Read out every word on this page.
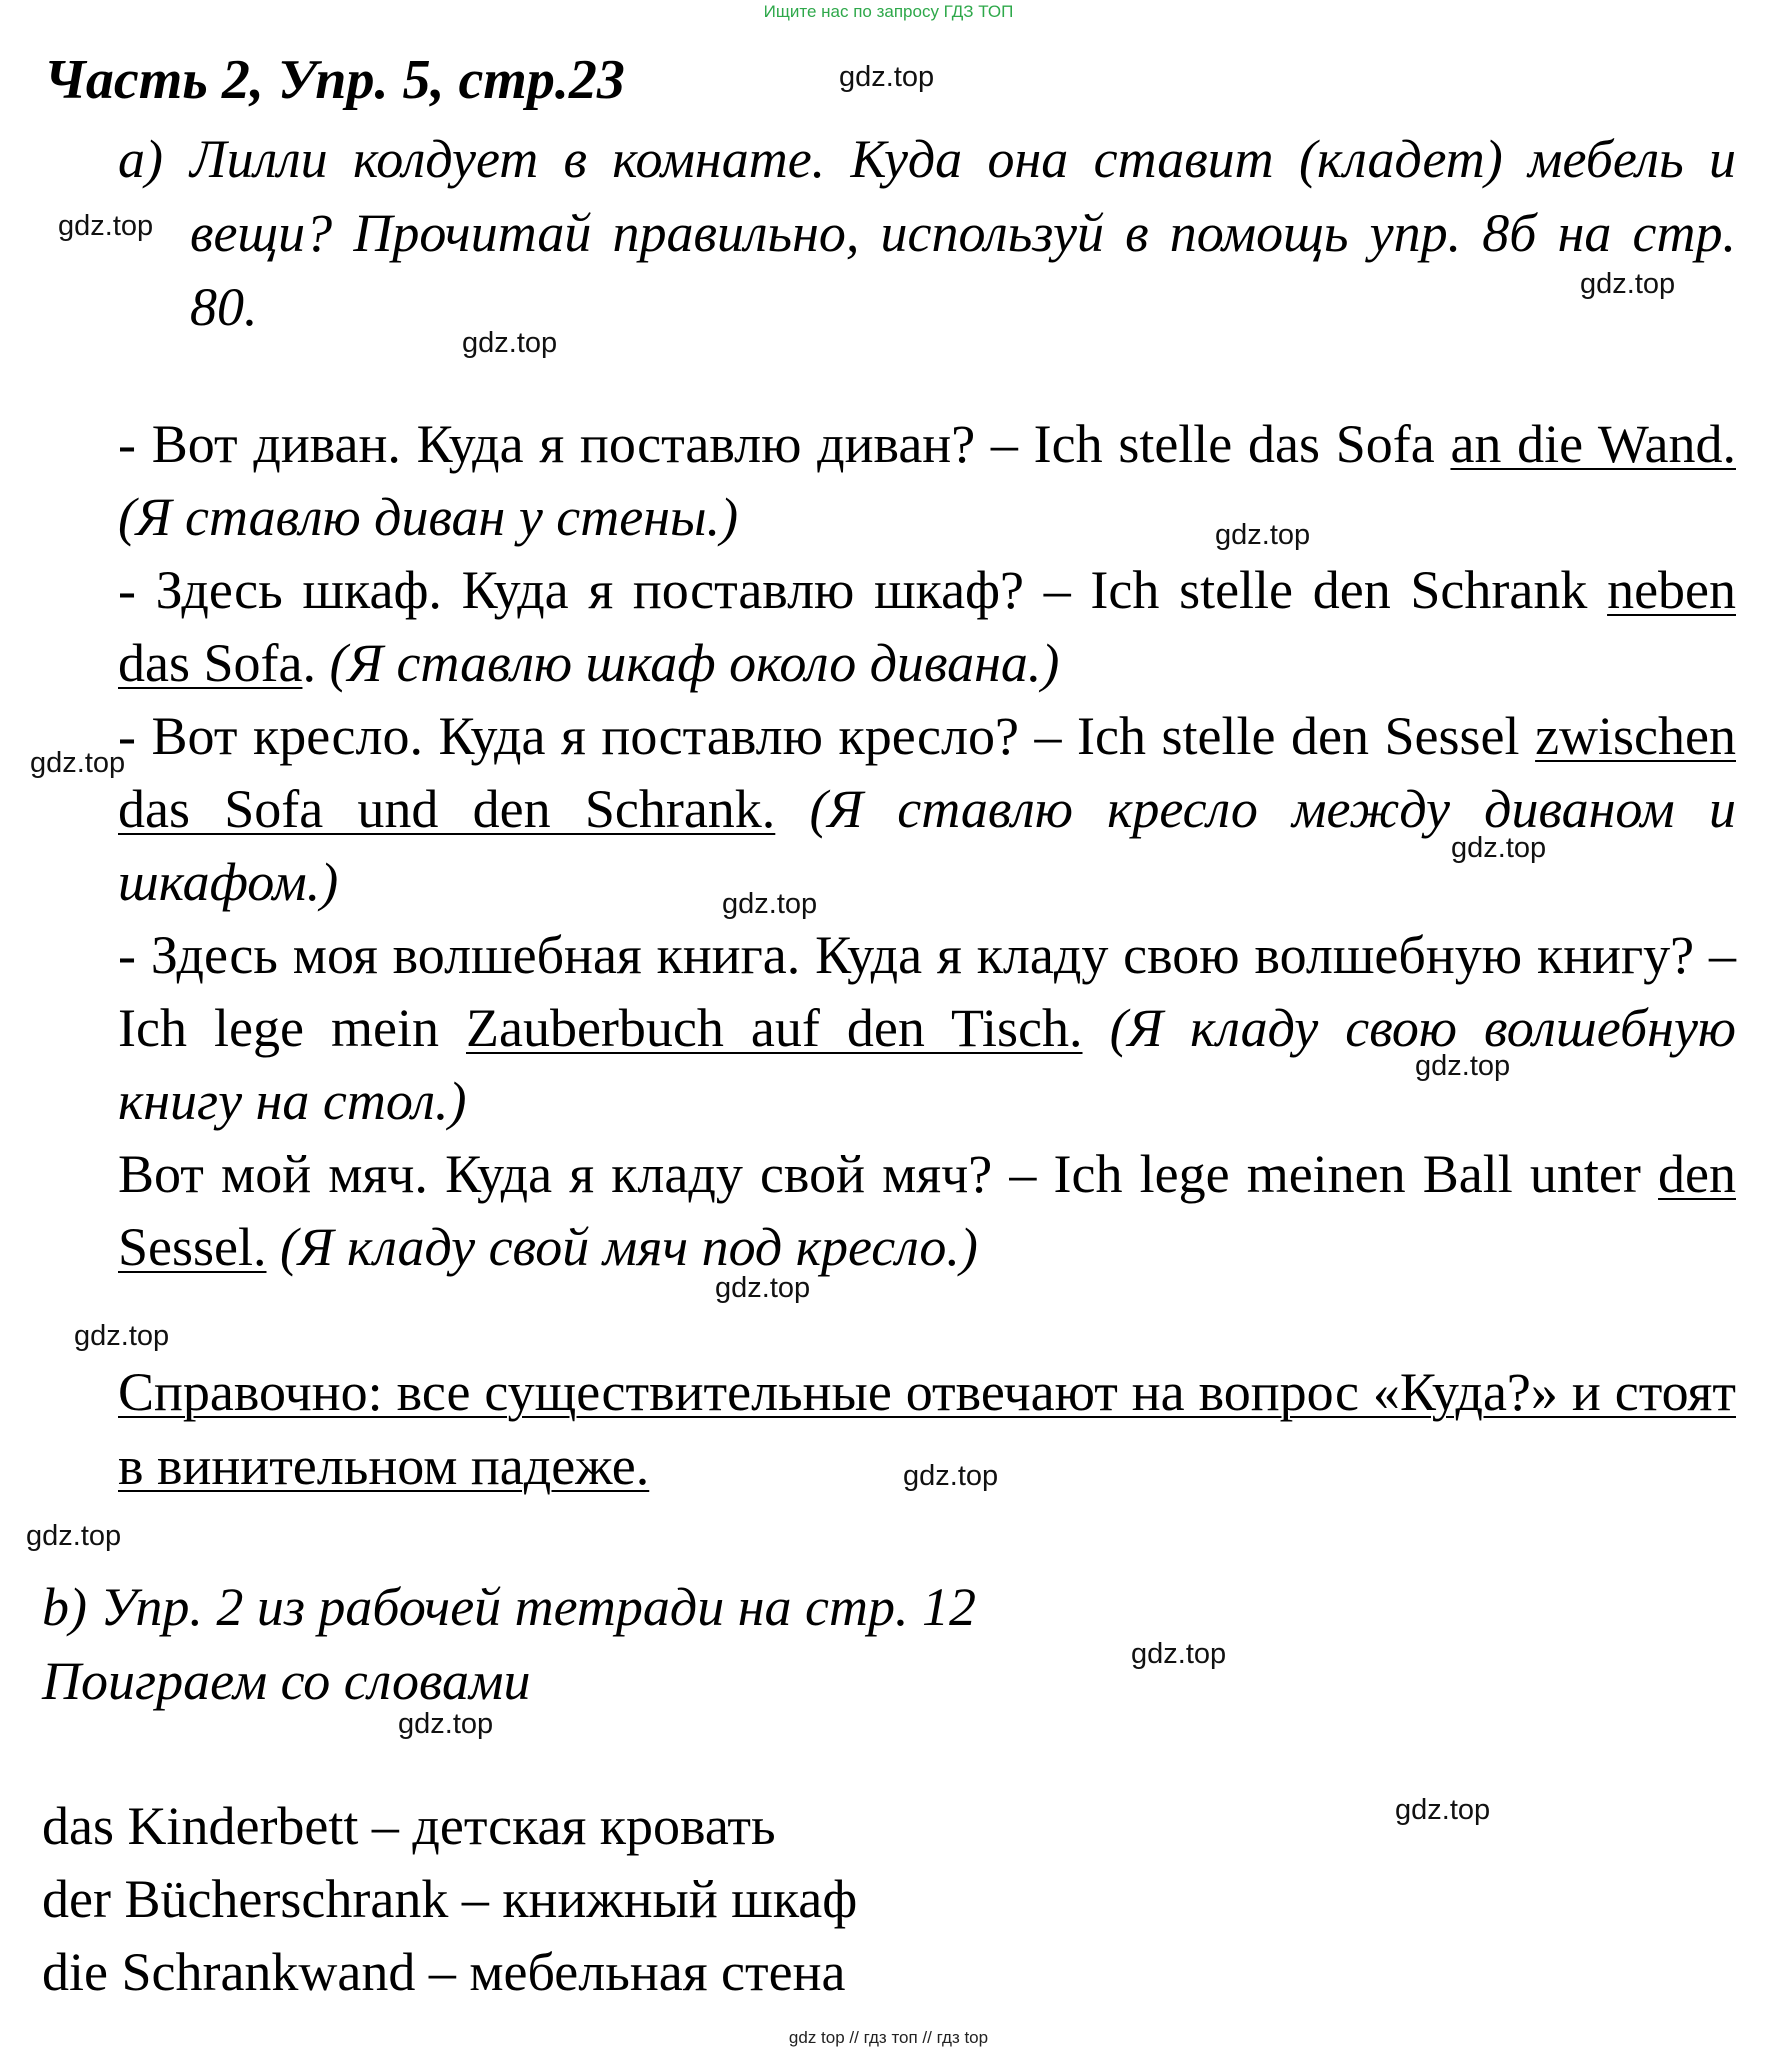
Ищите нас по запросу ГДЗ ТОП
Часть 2, Упр. 5, стр.23
а) Лилли колдует в комнате. Куда она ставит (кладет) мебель и вещи? Прочитай правильно, используй в помощь упр. 8б на стр. 80.

- Вот диван. Куда я поставлю диван? – Ich stelle das Sofa an die Wand. (Я ставлю диван у стены.)

- Здесь шкаф. Куда я поставлю шкаф? – Ich stelle den Schrank neben das Sofa. (Я ставлю шкаф около дивана.)

- Вот кресло. Куда я поставлю кресло? – Ich stelle den Sessel zwischen das Sofa und den Schrank. (Я ставлю кресло между диваном и шкафом.)

- Здесь моя волшебная книга. Куда я кладу свою волшебную книгу? – Ich lege mein Zauberbuch auf den Tisch. (Я кладу свою волшебную книгу на стол.)

Вот мой мяч. Куда я кладу свой мяч? – Ich lege meinen Ball unter den Sessel. (Я кладу свой мяч под кресло.)

Справочно: все существительные отвечают на вопрос «Куда?» и стоят в винительном падеже.
b) Упр. 2 из рабочей тетради на стр. 12
Поиграем со словами
das Kinderbett – детская кровать
der Bücherschrank – книжный шкаф
die Schrankwand – мебельная стена
gdz.top
gdz.top
gdz.top
gdz.top
gdz.top
gdz.top
gdz.top
gdz.top
gdz.top
gdz.top
gdz.top
gdz.top
gdz.top
gdz.top
gdz.top
gdz.top
gdz top // гдз топ // гдз top
